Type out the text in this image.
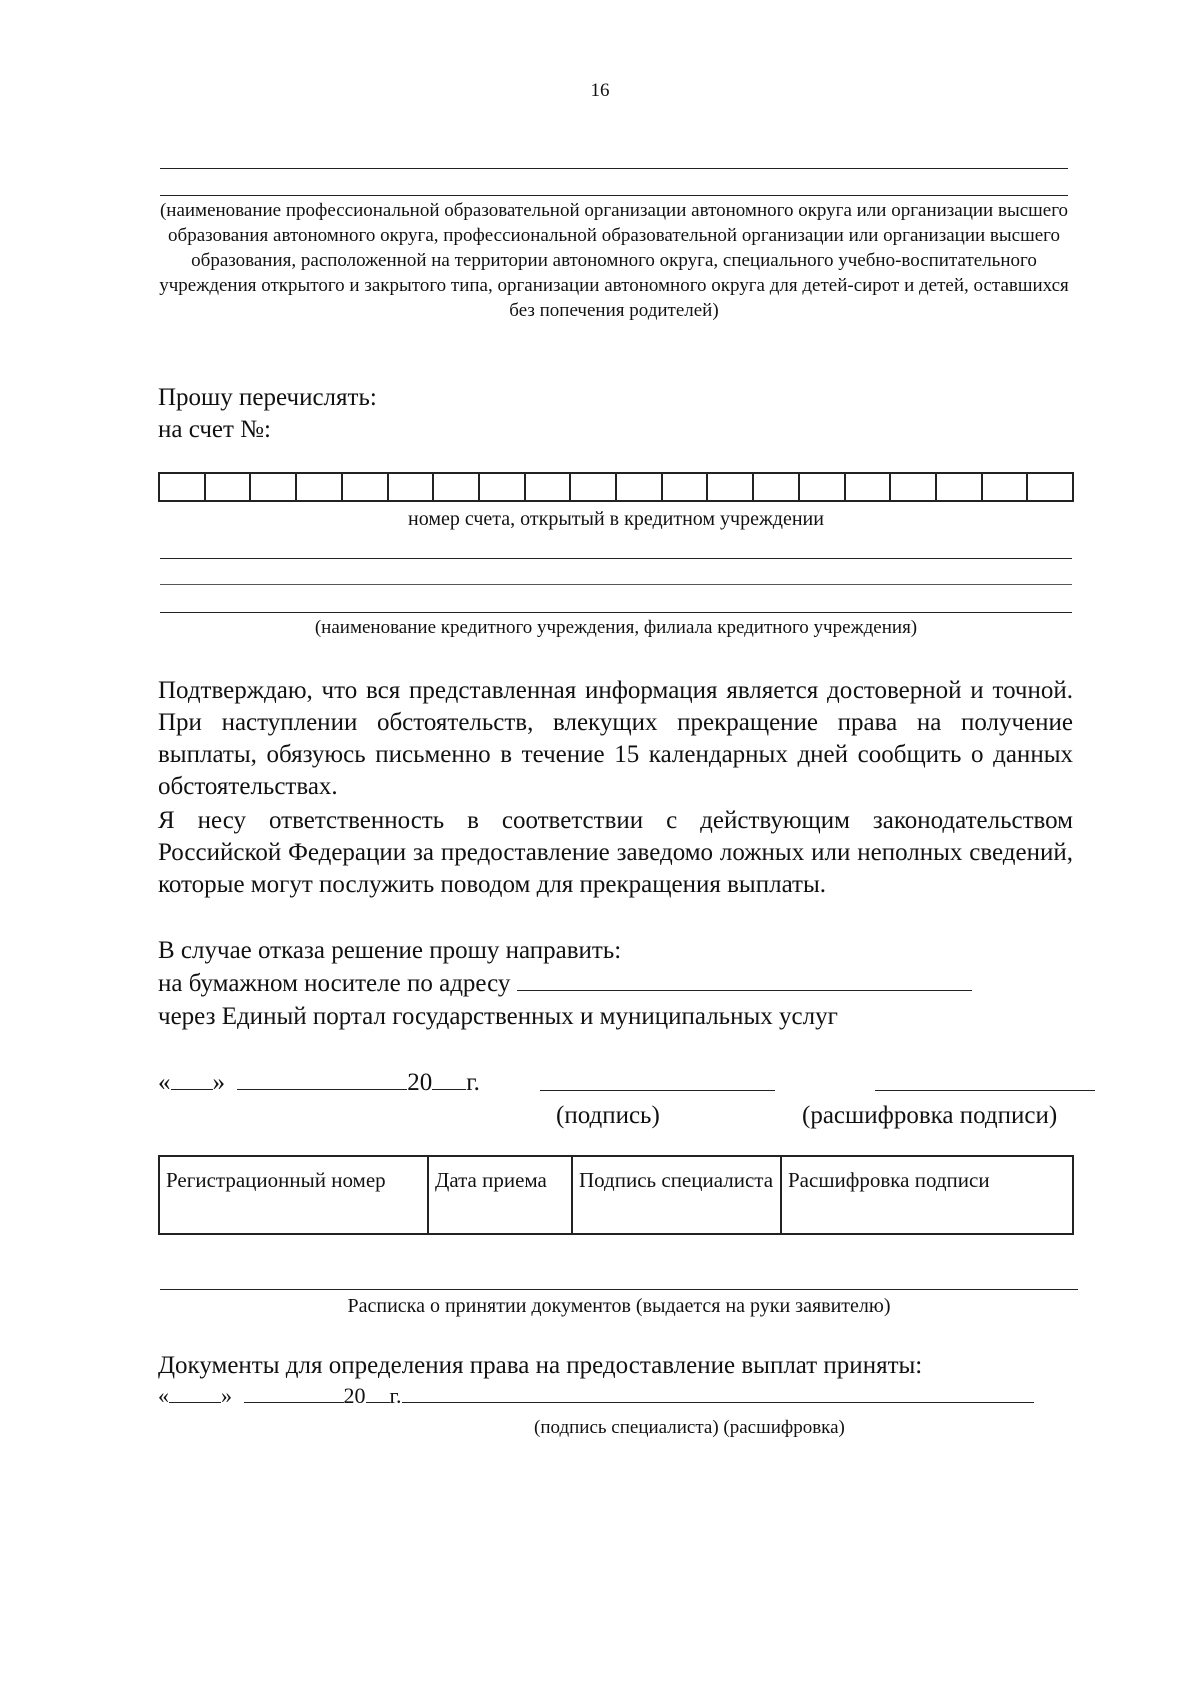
16
(наименование профессиональной образовательной организации автономного округа или организации высшего образования автономного округа, профессиональной образовательной организации или организации высшего образования, расположенной на территории автономного округа, специального учебно-воспитательного учреждения открытого и закрытого типа, организации автономного округа для детей-сирот и детей, оставшихся без попечения родителей)
Прошу перечислять:
на счет №:
номер счета, открытый в кредитном учреждении
(наименование кредитного учреждения, филиала кредитного учреждения)
Подтверждаю, что вся представленная информация является достоверной и точной. При наступлении обстоятельств, влекущих прекращение права на получение выплаты, обязуюсь письменно в течение 15 календарных дней сообщить о данных обстоятельствах.
Я несу ответственность в соответствии с действующим законодательством Российской Федерации за предоставление заведомо ложных или неполных сведений, которые могут послужить поводом для прекращения выплаты.
В случае отказа решение прошу направить:
на бумажном носителе по адресу
через Единый портал государственных и муниципальных услуг
« »	20 г.
(подпись)	(расшифровка подписи)
Регистрационный номер	Дата приема	Подпись специалиста	Расшифровка подписи
Расписка о принятии документов (выдается на руки заявителю)
Документы для определения права на предоставление выплат приняты:
« »	20 г.
(подпись специалиста) (расшифровка)
